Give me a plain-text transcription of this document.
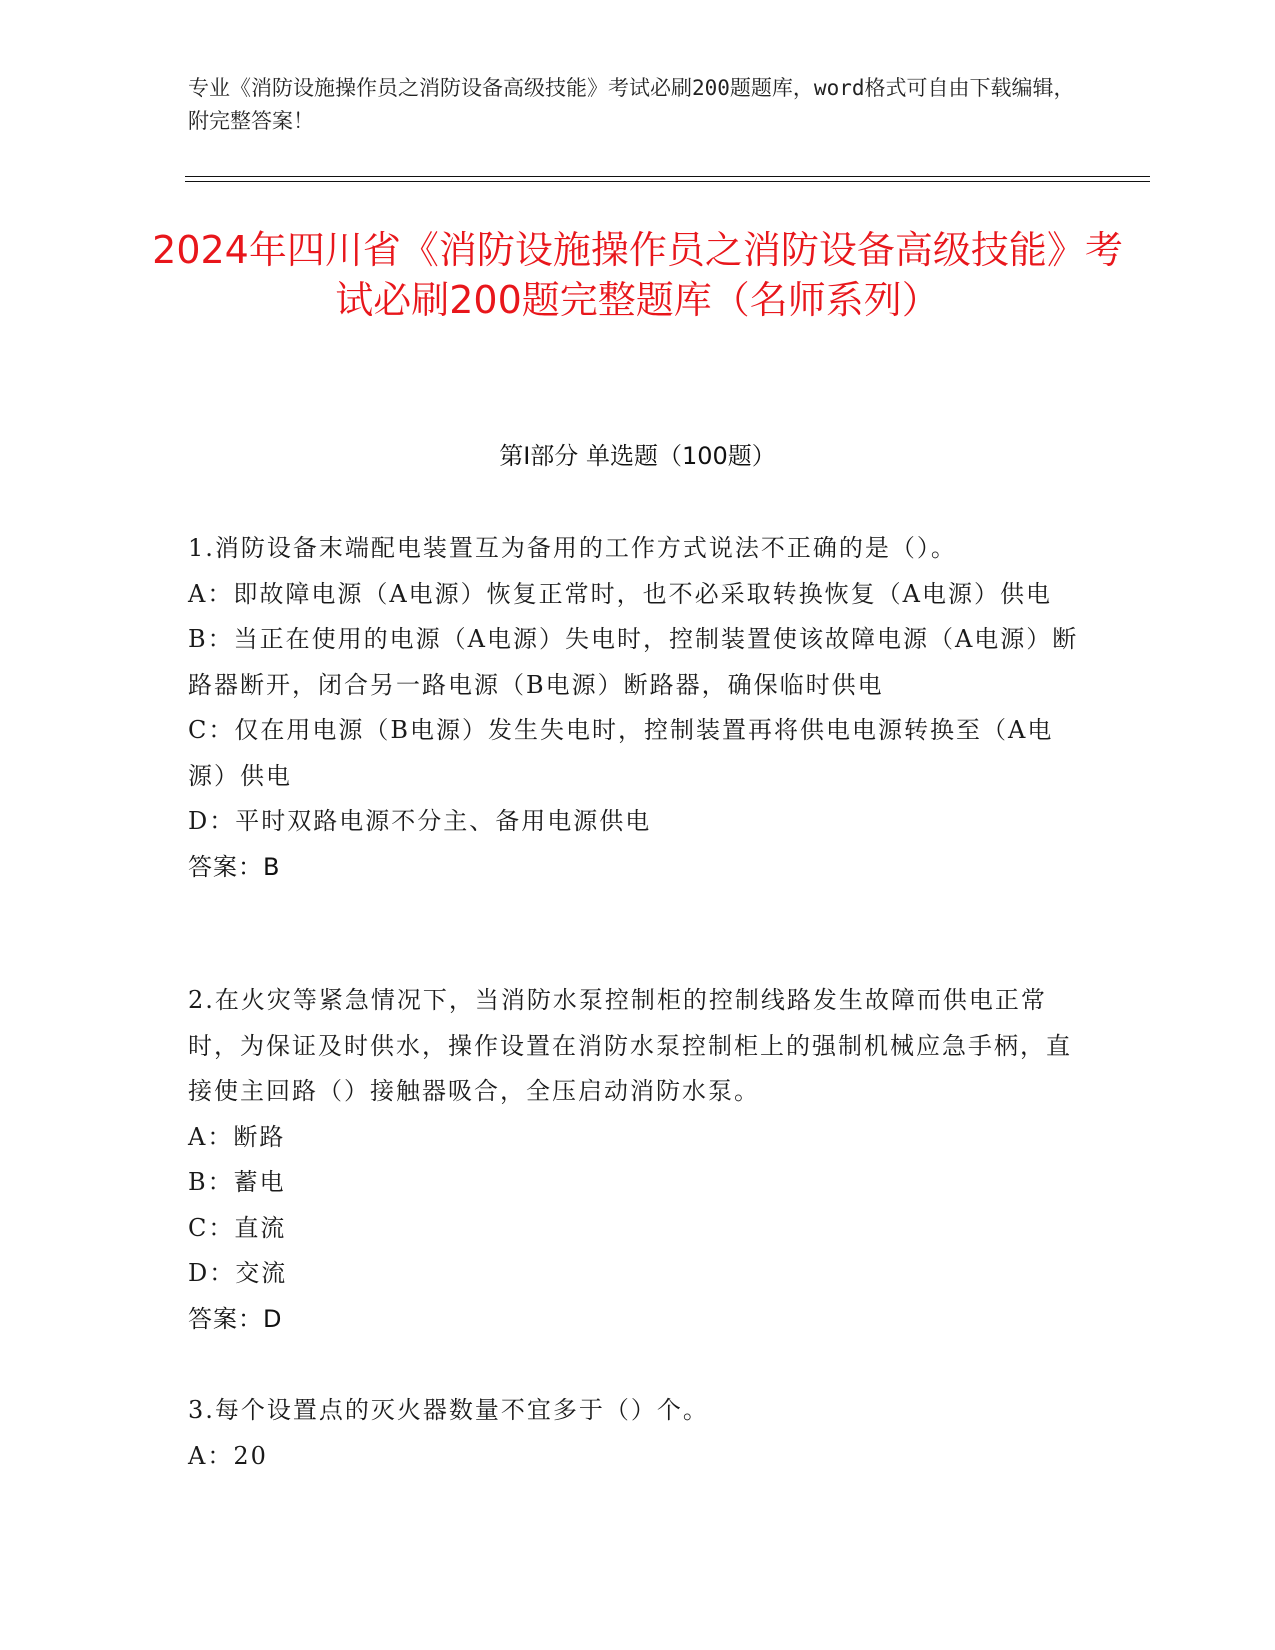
专业《消防设施操作员之消防设备高级技能》考试必刷200题题库，word格式可自由下载编辑，附完整答案！
2024年四川省《消防设施操作员之消防设备高级技能》考试必刷200题完整题库（名师系列）
第I部分 单选题（100题）

1.消防设备末端配电装置互为备用的工作方式说法不正确的是（）。

A：即故障电源（A电源）恢复正常时，也不必采取转换恢复（A电源）供电

B：当正在使用的电源（A电源）失电时，控制装置使该故障电源（A电源）断路器断开，闭合另一路电源（B电源）断路器，确保临时供电

C：仅在用电源（B电源）发生失电时，控制装置再将供电电源转换至（A电源）供电

D：平时双路电源不分主、备用电源供电

答案：B

2.在火灾等紧急情况下，当消防水泵控制柜的控制线路发生故障而供电正常时，为保证及时供水，操作设置在消防水泵控制柜上的强制机械应急手柄，直接使主回路（）接触器吸合，全压启动消防水泵。

A：断路

B：蓄电

C：直流

D：交流

答案：D

3.每个设置点的灭火器数量不宜多于（）个。

A：20
